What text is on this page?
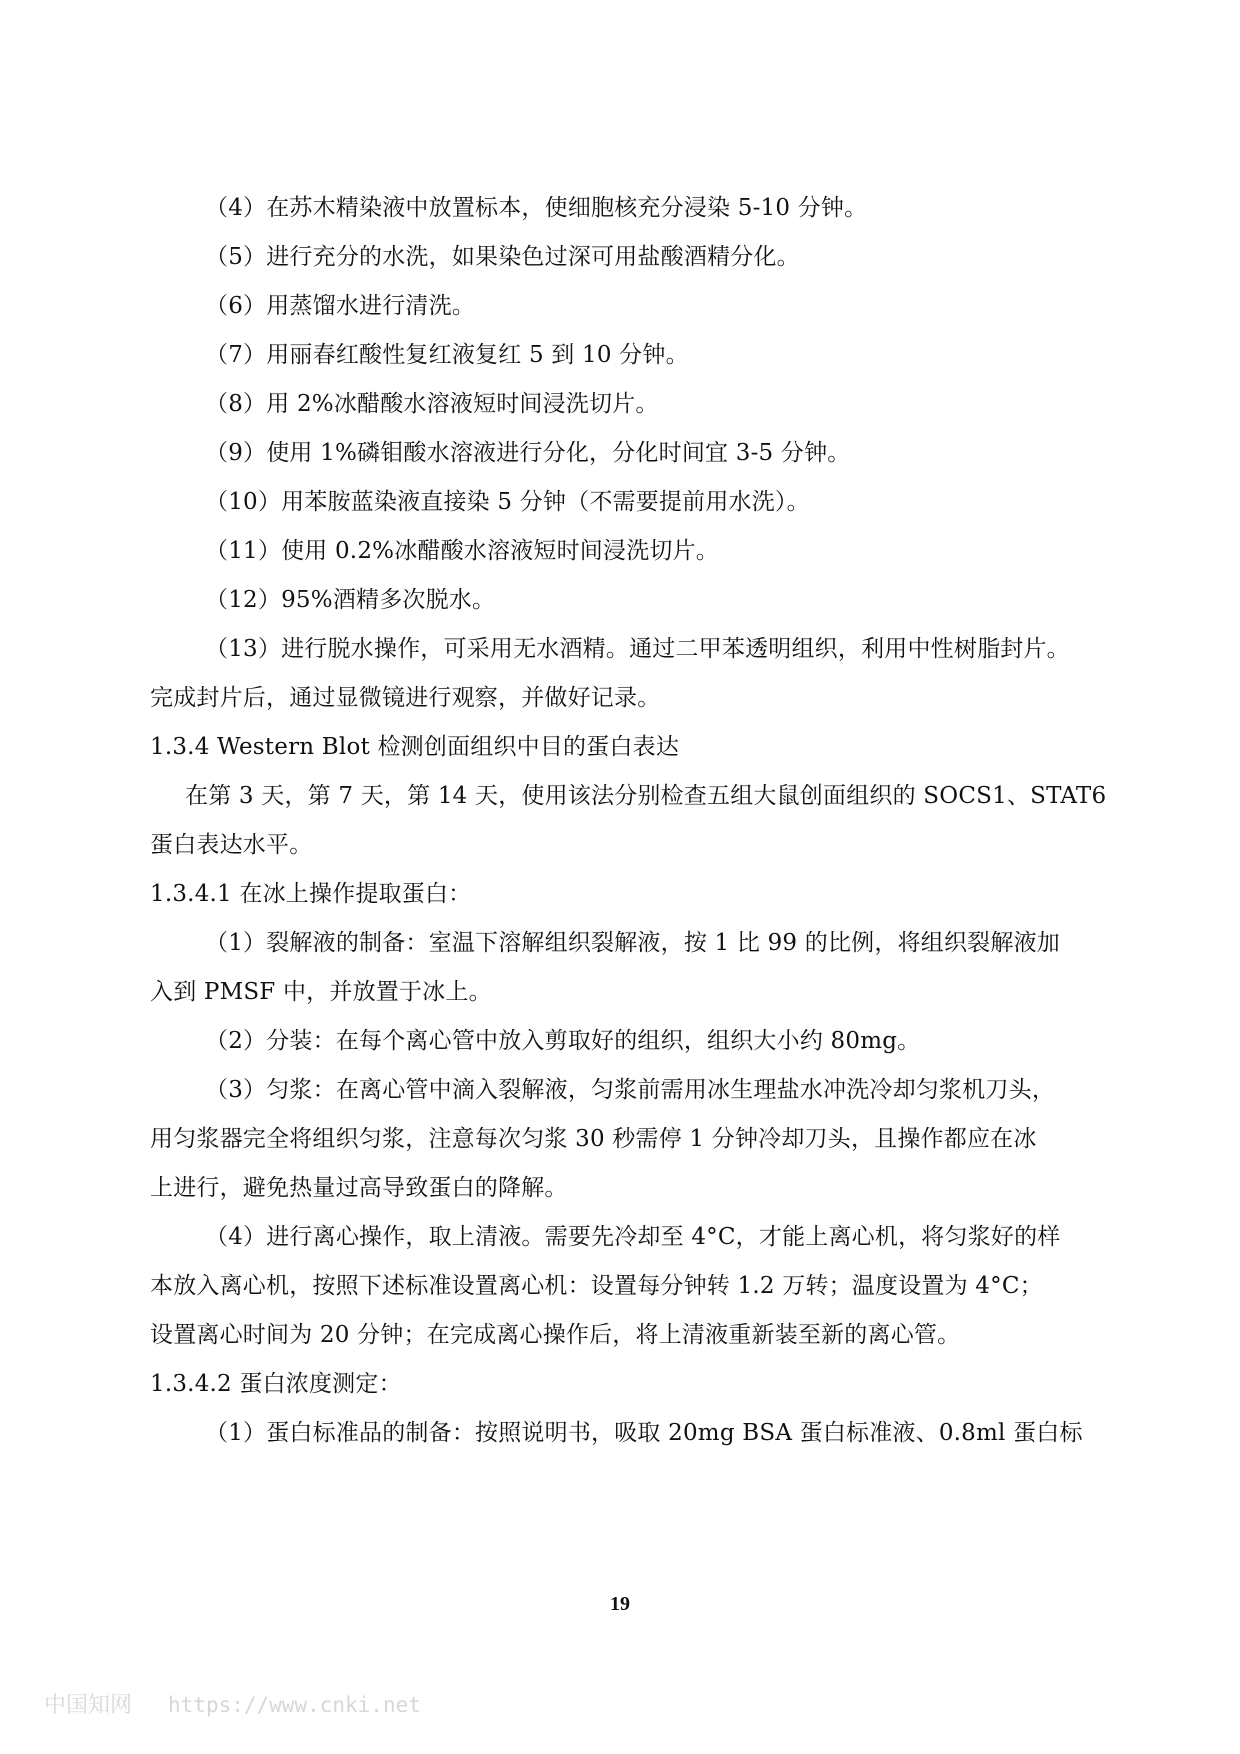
（4）在苏木精染液中放置标本，使细胞核充分浸染 5-10 分钟。
（5）进行充分的水洗，如果染色过深可用盐酸酒精分化。
（6）用蒸馏水进行清洗。
（7）用丽春红酸性复红液复红 5 到 10 分钟。
（8）用 2%冰醋酸水溶液短时间浸洗切片。
（9）使用 1%磷钼酸水溶液进行分化，分化时间宜 3-5 分钟。
（10）用苯胺蓝染液直接染 5 分钟（不需要提前用水洗）。
（11）使用 0.2%冰醋酸水溶液短时间浸洗切片。
（12）95%酒精多次脱水。
（13）进行脱水操作，可采用无水酒精。通过二甲苯透明组织，利用中性树脂封片。
完成封片后，通过显微镜进行观察，并做好记录。
1.3.4 Western Blot 检测创面组织中目的蛋白表达
在第 3 天，第 7 天，第 14 天，使用该法分别检查五组大鼠创面组织的 SOCS1、STAT6
蛋白表达水平。
1.3.4.1 在冰上操作提取蛋白：
（1）裂解液的制备：室温下溶解组织裂解液，按 1 比 99 的比例，将组织裂解液加
入到 PMSF 中，并放置于冰上。
（2）分装：在每个离心管中放入剪取好的组织，组织大小约 80mg。
（3）匀浆：在离心管中滴入裂解液，匀浆前需用冰生理盐水冲洗冷却匀浆机刀头，
用匀浆器完全将组织匀浆，注意每次匀浆 30 秒需停 1 分钟冷却刀头，且操作都应在冰
上进行，避免热量过高导致蛋白的降解。
（4）进行离心操作，取上清液。需要先冷却至 4°C，才能上离心机，将匀浆好的样
本放入离心机，按照下述标准设置离心机：设置每分钟转 1.2 万转；温度设置为 4°C；
设置离心时间为 20 分钟；在完成离心操作后，将上清液重新装至新的离心管。
1.3.4.2 蛋白浓度测定：
（1）蛋白标准品的制备：按照说明书，吸取 20mg BSA 蛋白标准液、0.8ml 蛋白标
19
中国知网 https://www.cnki.net
